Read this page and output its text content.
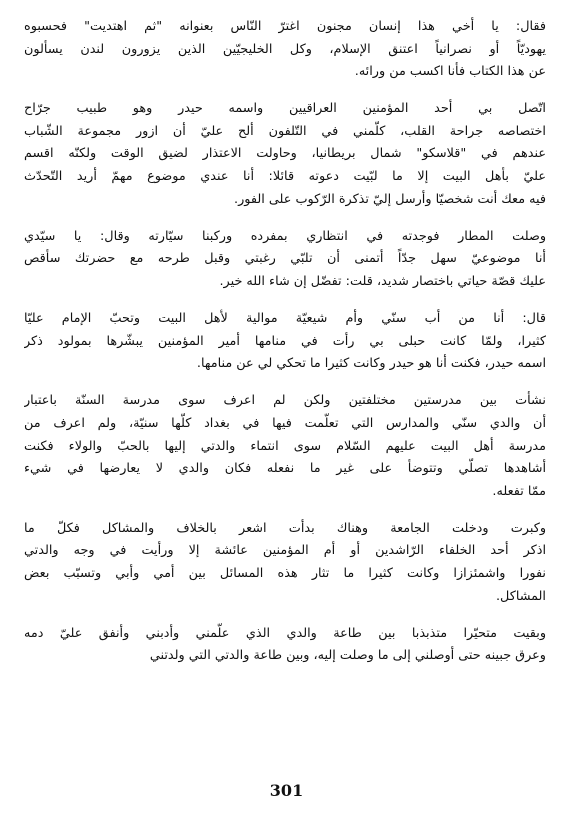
فقال: يا أخي هذا إنسان مجنون اغترّ النّاس بعنوانه "ثم اهتديت" فحسبوه
يهوديّاً أو نصرانياً اعتنق الإسلام، وكل الخليجيّين الذين يزورون لندن يسألون
عن هذا الكتاب فأنا اكسب من ورائه.
اتّصل بي أحد المؤمنين العراقيين واسمه حيدر وهو طبيب جرّاح
اختصاصه جراحة القلب، كلّمني في التّلفون ألح عليّ أن ازور مجموعة الشّباب
عندهم في "قلاسكو" شمال بريطانيا، وحاولت الاعتذار لضيق الوقت ولكنّه اقسم
عليّ بأهل البيت إلا ما لبّيت دعوته قائلا: أنا عندي موضوع مهمّ أريد التّحدّث
فيه معك أنت شخصيّا وأرسل إليّ تذكرة الرّكوب على الفور.
وصلت المطار فوجدته في انتظاري بمفرده وركبنا سيّارته وقال: يا سيّدي
أنا موضوعيّ سهل جدّاً أتمنى أن تلبّي رغبتي وقبل طرحه مع حضرتك سأقص
عليك قصّة حياتي باختصار شديد، قلت: تفضّل إن شاء الله خير.
قال: أنا من أب سنّي وأم شيعيّة موالية لأهل البيت وتحبّ الإمام عليّا
كثيرا، ولمّا كانت حبلى بي رأت في منامها أمير المؤمنين يبشّرها بمولود ذكر
اسمه حيدر، فكنت أنا هو حيدر وكانت كثيرا ما تحكي لي عن منامها.
نشأت بين مدرستين مختلفتين ولكن لم اعرف سوى مدرسة السنّة باعتبار
أن والدي سنّي والمدارس التي تعلّمت فيها في بغداد كلّها سنيّة، ولم اعرف من
مدرسة أهل البيت عليهم السّلام سوى انتماء والدتي إليها بالحبّ والولاء فكنت
أشاهدها تصلّي وتتوضأ على غير ما نفعله فكان والدي لا يعارضها في شيء
ممّا تفعله.
وكبرت ودخلت الجامعة وهناك بدأت اشعر بالخلاف والمشاكل فكلّ ما
اذكر أحد الخلفاء الرّاشدين أو أم المؤمنين عائشة إلا ورأيت في وجه والدتي
نفورا واشمئزازا وكانت كثيرا ما تثار هذه المسائل بين أمي وأبي وتسبّب بعض
المشاكل.
وبقيت متحيّرا متذبذبا بين طاعة والدي الذي علّمني وأدبني وأنفق عليّ دمه
وعرق جبينه حتى أوصلني إلى ما وصلت إليه، وبين طاعة والدتي التي ولدتني
301
